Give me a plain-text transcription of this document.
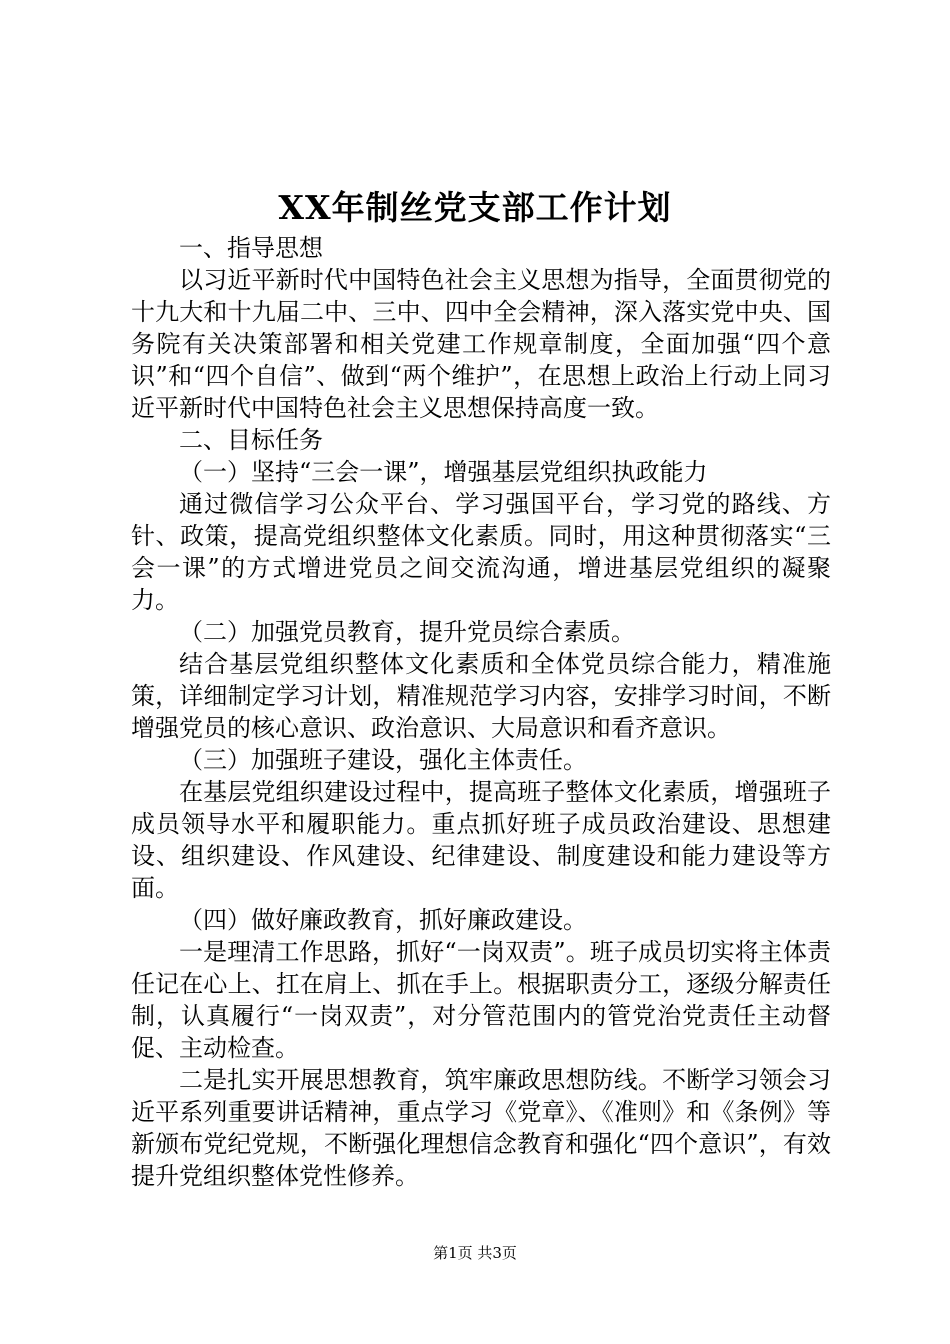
XX年制丝党支部工作计划

一、指导思想

以习近平新时代中国特色社会主义思想为指导，全面贯彻党的十九大和十九届二中、三中、四中全会精神，深入落实党中央、国务院有关决策部署和相关党建工作规章制度，全面加强“四个意识”和“四个自信”、做到“两个维护”，在思想上政治上行动上同习近平新时代中国特色社会主义思想保持高度一致。

二、目标任务

（一）坚持“三会一课”，增强基层党组织执政能力

通过微信学习公众平台、学习强国平台，学习党的路线、方针、政策，提高党组织整体文化素质。同时，用这种贯彻落实“三会一课”的方式增进党员之间交流沟通，增进基层党组织的凝聚力。

（二）加强党员教育，提升党员综合素质。

结合基层党组织整体文化素质和全体党员综合能力，精准施策，详细制定学习计划，精准规范学习内容，安排学习时间，不断增强党员的核心意识、政治意识、大局意识和看齐意识。

（三）加强班子建设，强化主体责任。

在基层党组织建设过程中，提高班子整体文化素质，增强班子成员领导水平和履职能力。重点抓好班子成员政治建设、思想建设、组织建设、作风建设、纪律建设、制度建设和能力建设等方面。

（四）做好廉政教育，抓好廉政建设。

一是理清工作思路，抓好“一岗双责”。班子成员切实将主体责任记在心上、扛在肩上、抓在手上。根据职责分工，逐级分解责任制，认真履行“一岗双责”，对分管范围内的管党治党责任主动督促、主动检查。

二是扎实开展思想教育，筑牢廉政思想防线。不断学习领会习近平系列重要讲话精神，重点学习《党章》、《准则》和《条例》等新颁布党纪党规，不断强化理想信念教育和强化“四个意识”，有效提升党组织整体党性修养。

第1页 共3页
